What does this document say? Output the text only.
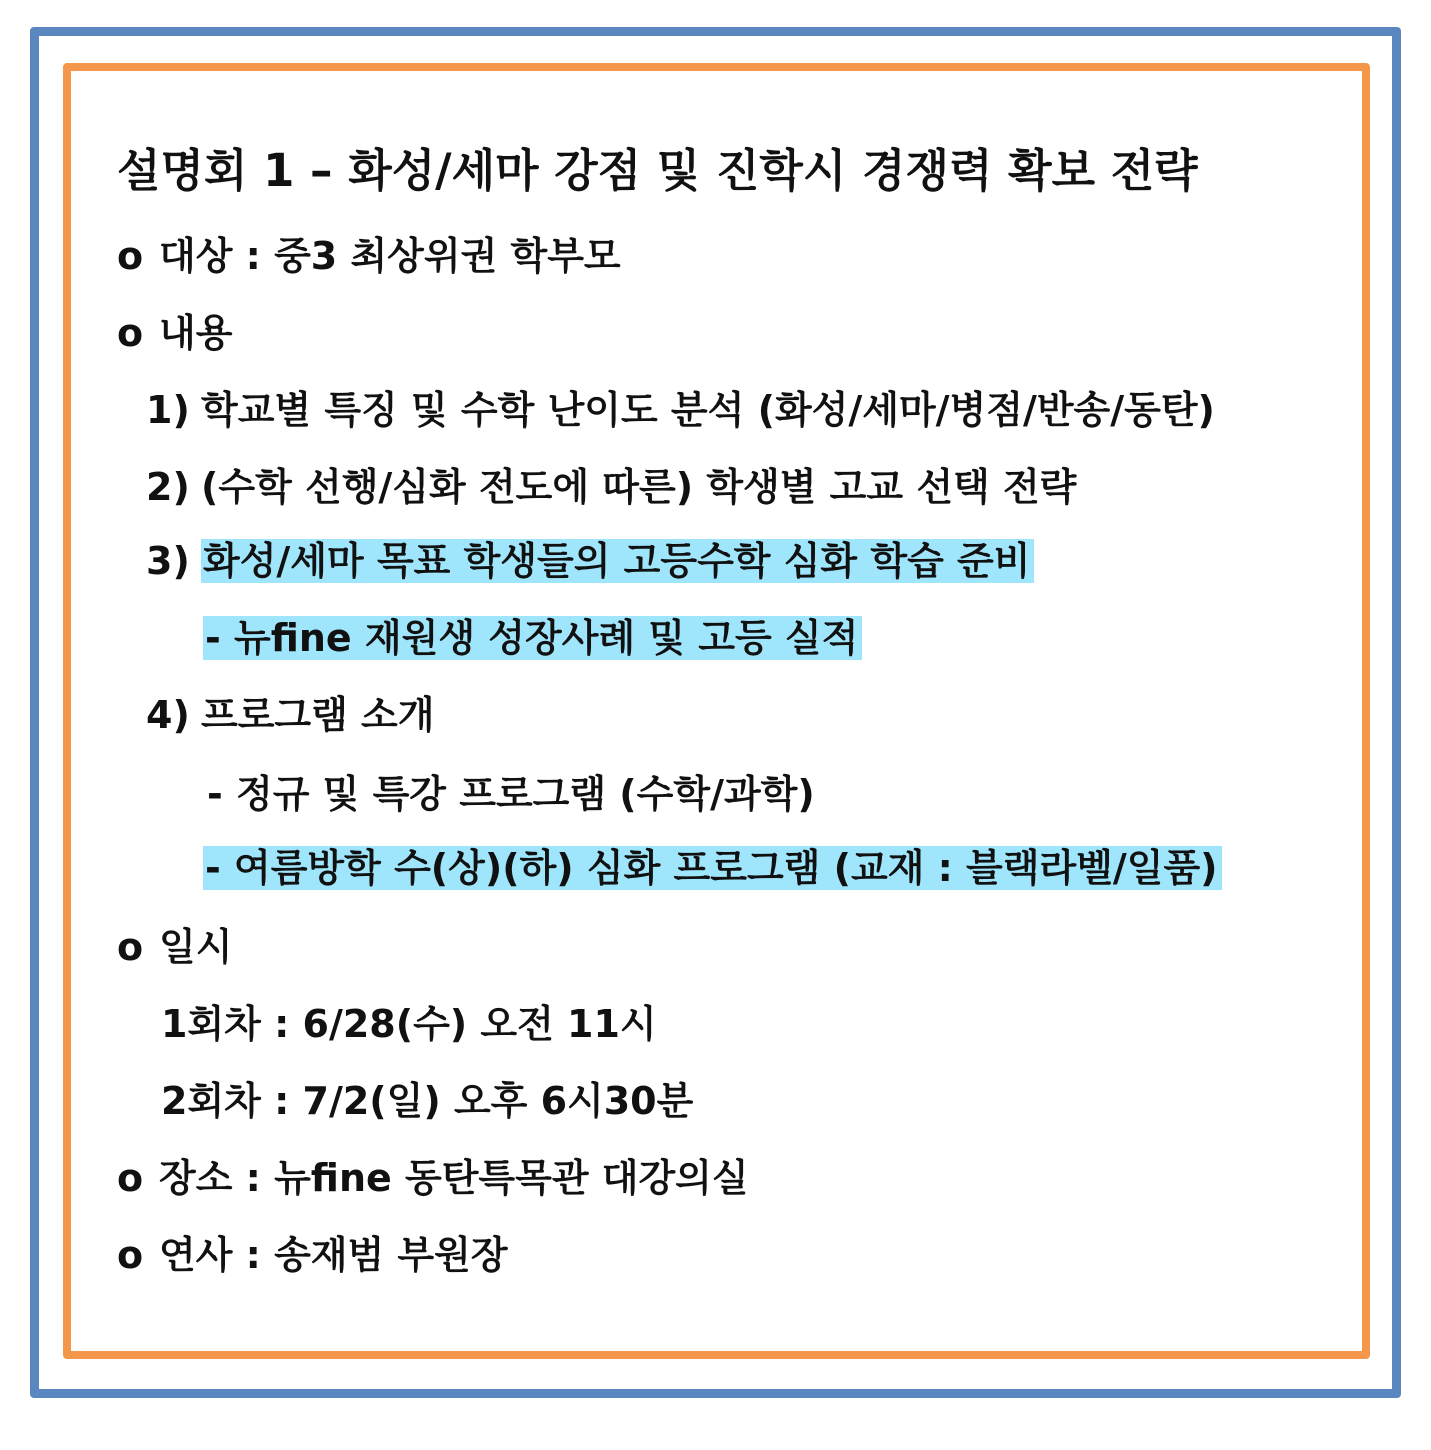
설명회 1 – 화성/세마 강점 및 진학시 경쟁력 확보 전략
o 대상 : 중3 최상위권 학부모
o 내용
1) 학교별 특징 및 수학 난이도 분석 (화성/세마/병점/반송/동탄)
2) (수학 선행/심화 전도에 따른) 학생별 고교 선택 전략
3) 화성/세마 목표 학생들의 고등수학 심화 학습 준비
- 뉴fine 재원생 성장사례 및 고등 실적
4) 프로그램 소개
- 정규 및 특강 프로그램 (수학/과학)
- 여름방학 수(상)(하) 심화 프로그램 (교재 : 블랙라벨/일품)
o 일시
1회차 : 6/28(수) 오전 11시
2회차 : 7/2(일) 오후 6시30분
o 장소 : 뉴fine 동탄특목관 대강의실
o 연사 : 송재범 부원장
